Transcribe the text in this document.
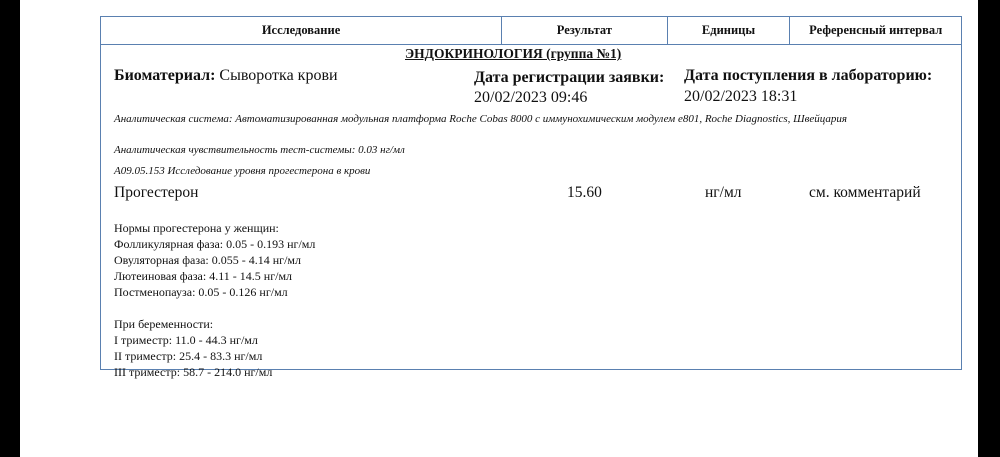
Исследование	Результат	Единицы	Референсный интервал
ЭНДОКРИНОЛОГИЯ (группа №1)
Биоматериал: Сыворотка крови	Дата регистрации заявки:
20/02/2023 09:46
Дата поступления в лабораторию:
20/02/2023 18:31
Аналитическая система: Автоматизированная модульная платформа Roche Cobas 8000 с иммунохимическим модулем e801, Roche Diagnostics, Швейцария
Аналитическая чувствительность тест-системы: 0.03 нг/мл
А09.05.153 Исследование уровня прогестерона в крови
Прогестерон	15.60	нг/мл	см. комментарий
Нормы прогестерона у женщин:
Фолликулярная фаза: 0.05 - 0.193 нг/мл
Овуляторная фаза: 0.055 - 4.14 нг/мл
Лютеиновая фаза: 4.11 - 14.5 нг/мл
Постменопауза: 0.05 - 0.126 нг/мл
При беременности:
I триместр: 11.0 - 44.3 нг/мл
II триместр: 25.4 - 83.3 нг/мл
III триместр: 58.7 - 214.0 нг/мл
